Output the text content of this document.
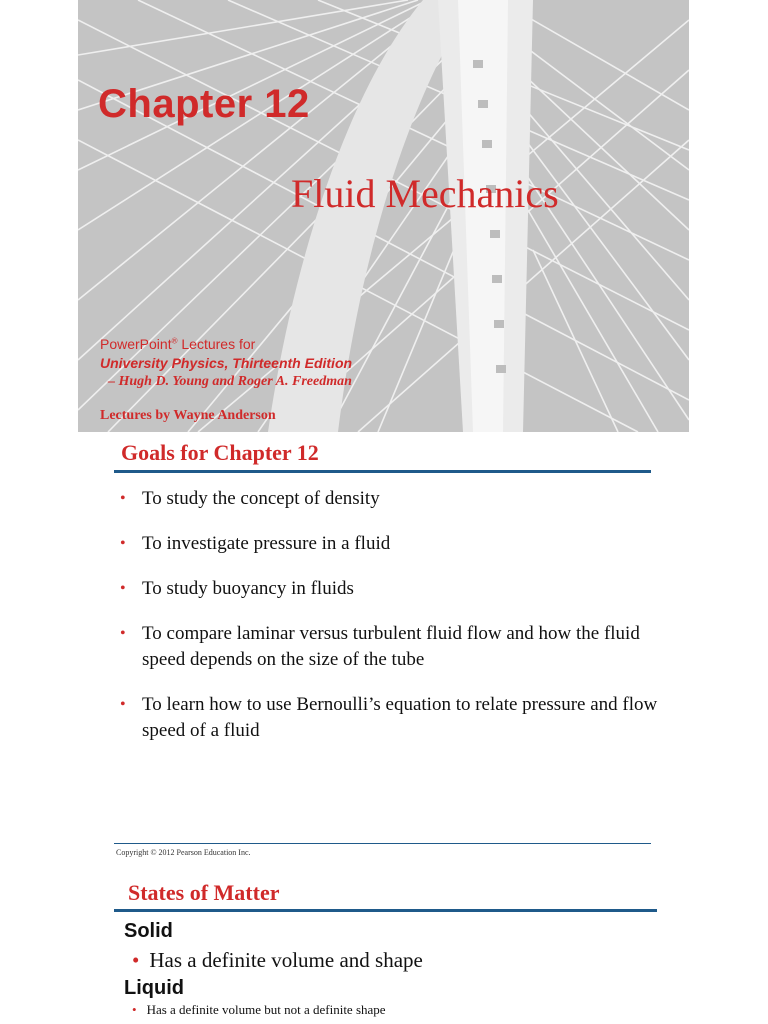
Chapter 12
Fluid Mechanics
PowerPoint® Lectures for
University Physics, Thirteenth Edition
– Hugh D. Young and Roger A. Freedman
Lectures by Wayne Anderson
Goals for Chapter 12
• To study the concept of density
• To investigate pressure in a fluid
• To study buoyancy in fluids
• To compare laminar versus turbulent fluid flow and how the fluid speed depends on the size of the tube
• To learn how to use Bernoulli’s equation to relate pressure and flow speed of a fluid
Copyright © 2012 Pearson Education Inc.
States of Matter
Solid
• Has a definite volume and shape
Liquid
• Has a definite volume but not a definite shape
